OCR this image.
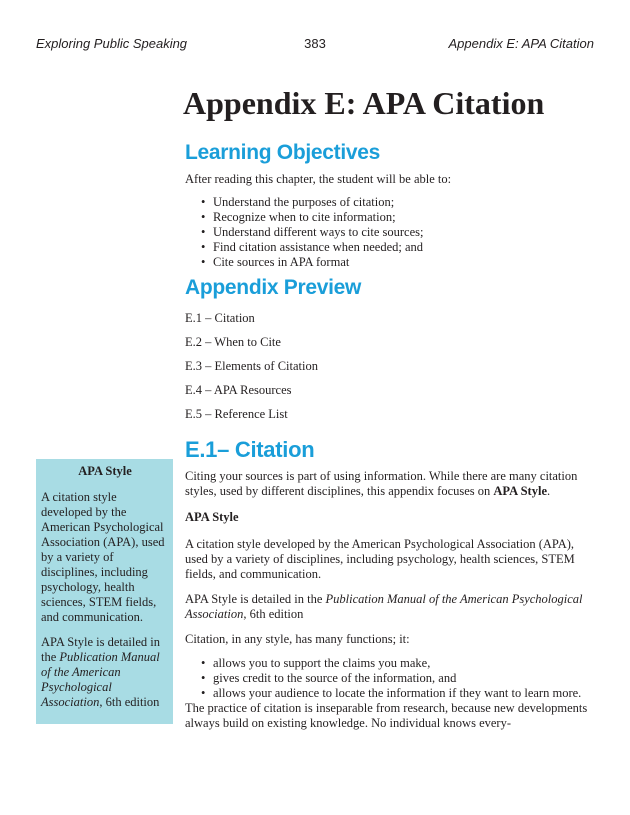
Exploring Public Speaking	383	Appendix E: APA Citation
Appendix E: APA Citation
Learning Objectives
After reading this chapter, the student will be able to:
• Understand the purposes of citation;
• Recognize when to cite information;
• Understand different ways to cite sources;
• Find citation assistance when needed; and
• Cite sources in APA format
Appendix Preview
E.1 – Citation
E.2 – When to Cite
E.3 – Elements of Citation
E.4 – APA Resources
E.5 – Reference List
E.1– Citation
Citing your sources is part of using information. While there are many citation styles, used by different disciplines, this appendix focuses on APA Style.
APA Style
A citation style developed by the American Psychological Association (APA), used by a variety of disciplines, including psychology, health sciences, STEM fields, and communication.
APA Style is detailed in the Publication Manual of the American Psychological Association, 6th edition
Citation, in any style, has many functions; it:
• allows you to support the claims you make,
• gives credit to the source of the information, and
• allows your audience to locate the information if they want to learn more.
The practice of citation is inseparable from research, because new developments always build on existing knowledge. No individual knows every-
APA Style
A citation style developed by the American Psychological Association (APA), used by a variety of disciplines, including psychology, health sciences, STEM fields, and communication.
APA Style is detailed in the Publication Manual of the American Psychological Association, 6th edition
